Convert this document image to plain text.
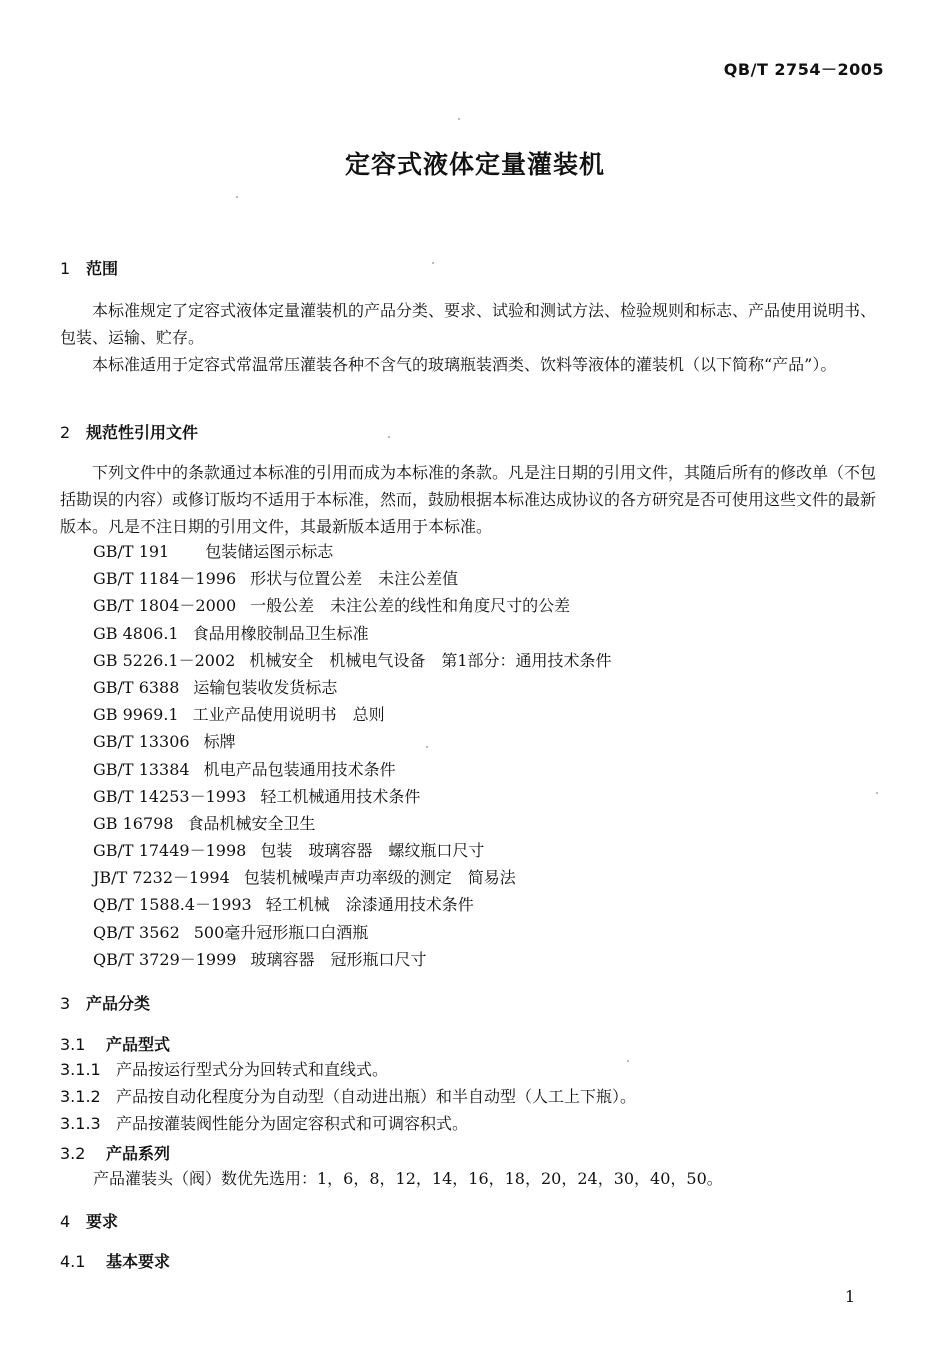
QB/T 2754－2005
定容式液体定量灌装机
1 范围
本标准规定了定容式液体定量灌装机的产品分类、要求、试验和测试方法、检验规则和标志、产品使用说明书、包装、运输、贮存。
本标准适用于定容式常温常压灌装各种不含气的玻璃瓶装酒类、饮料等液体的灌装机（以下简称“产品”）。
2 规范性引用文件
下列文件中的条款通过本标准的引用而成为本标准的条款。凡是注日期的引用文件，其随后所有的修改单（不包括勘误的内容）或修订版均不适用于本标准，然而，鼓励根据本标准达成协议的各方研究是否可使用这些文件的最新版本。凡是不注日期的引用文件，其最新版本适用于本标准。
GB/T 191 包装储运图示标志
GB/T 1184－1996 形状与位置公差　未注公差值
GB/T 1804－2000 一般公差　未注公差的线性和角度尺寸的公差
GB 4806.1 食品用橡胶制品卫生标准
GB 5226.1－2002 机械安全　机械电气设备　第1部分：通用技术条件
GB/T 6388 运输包装收发货标志
GB 9969.1 工业产品使用说明书　总则
GB/T 13306 标牌
GB/T 13384 机电产品包装通用技术条件
GB/T 14253－1993 轻工机械通用技术条件
GB 16798 食品机械安全卫生
GB/T 17449－1998 包装　玻璃容器　螺纹瓶口尺寸
JB/T 7232－1994 包装机械噪声声功率级的测定　简易法
QB/T 1588.4－1993 轻工机械　涂漆通用技术条件
QB/T 3562 500毫升冠形瓶口白酒瓶
QB/T 3729－1999 玻璃容器　冠形瓶口尺寸
3 产品分类
3.1 产品型式
3.1.1 产品按运行型式分为回转式和直线式。
3.1.2 产品按自动化程度分为自动型（自动进出瓶）和半自动型（人工上下瓶）。
3.1.3 产品按灌装阀性能分为固定容积式和可调容积式。
3.2 产品系列
产品灌装头（阀）数优先选用：1，6，8，12，14，16，18，20，24，30，40，50。
4 要求
4.1 基本要求
1
